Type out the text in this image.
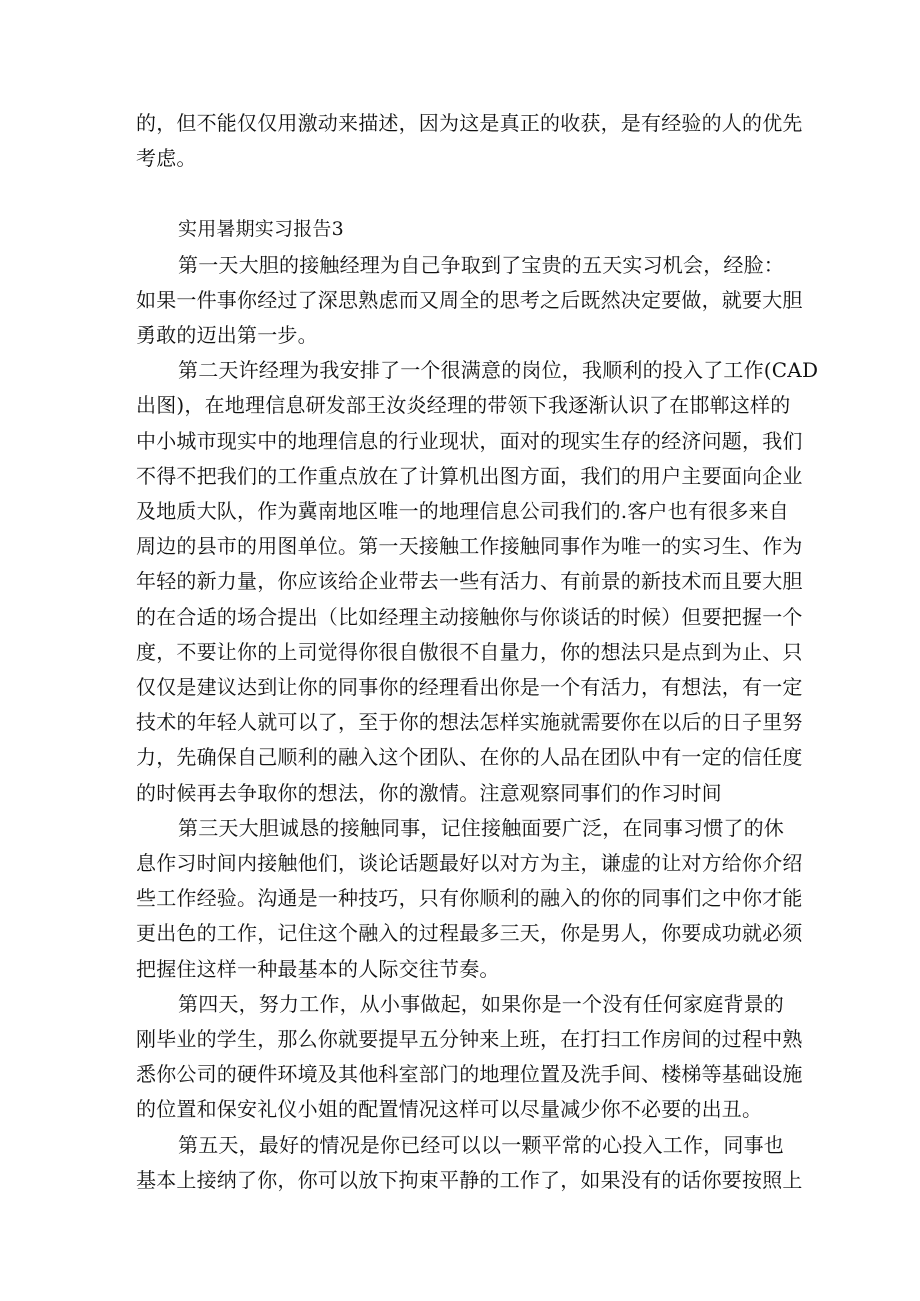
的，但不能仅仅用激动来描述，因为这是真正的收获，是有经验的人的优先

考虑。

实用暑期实习报告3

第一天大胆的接触经理为自己争取到了宝贵的五天实习机会，经脸：

如果一件事你经过了深思熟虑而又周全的思考之后既然决定要做，就要大胆

勇敢的迈出第一步。

第二天许经理为我安排了一个很满意的岗位，我顺利的投入了工作(CAD

出图)，在地理信息研发部王汝炎经理的带领下我逐渐认识了在邯郸这样的

中小城市现实中的地理信息的行业现状，面对的现实生存的经济问题，我们

不得不把我们的工作重点放在了计算机出图方面，我们的用户主要面向企业

及地质大队，作为冀南地区唯一的地理信息公司我们的.客户也有很多来自

周边的县市的用图单位。第一天接触工作接触同事作为唯一的实习生、作为

年轻的新力量，你应该给企业带去一些有活力、有前景的新技术而且要大胆

的在合适的场合提出（比如经理主动接触你与你谈话的时候）但要把握一个

度，不要让你的上司觉得你很自傲很不自量力，你的想法只是点到为止、只

仅仅是建议达到让你的同事你的经理看出你是一个有活力，有想法，有一定

技术的年轻人就可以了，至于你的想法怎样实施就需要你在以后的日子里努

力，先确保自己顺利的融入这个团队、在你的人品在团队中有一定的信任度

的时候再去争取你的想法，你的激情。注意观察同事们的作习时间

第三天大胆诚恳的接触同事，记住接触面要广泛，在同事习惯了的休

息作习时间内接触他们，谈论话题最好以对方为主，谦虚的让对方给你介绍

些工作经验。沟通是一种技巧，只有你顺利的融入的你的同事们之中你才能

更出色的工作，记住这个融入的过程最多三天，你是男人，你要成功就必须

把握住这样一种最基本的人际交往节奏。

第四天，努力工作，从小事做起，如果你是一个没有任何家庭背景的

刚毕业的学生，那么你就要提早五分钟来上班，在打扫工作房间的过程中熟

悉你公司的硬件环境及其他科室部门的地理位置及洗手间、楼梯等基础设施

的位置和保安礼仪小姐的配置情况这样可以尽量减少你不必要的出丑。

第五天，最好的情况是你已经可以以一颗平常的心投入工作，同事也

基本上接纳了你，你可以放下拘束平静的工作了，如果没有的话你要按照上
